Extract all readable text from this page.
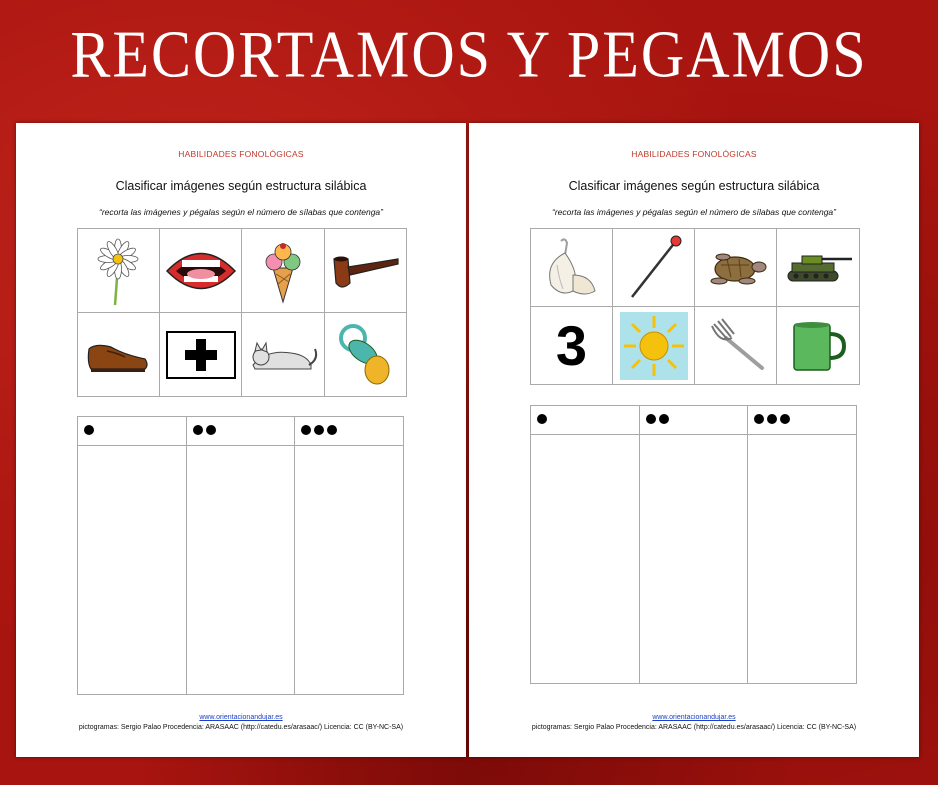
RECORTAMOS Y PEGAMOS
HABILIDADES FONOLÓGICAS
Clasificar imágenes según estructura silábica
“recorta las imágenes y pégalas según el número de sílabas que contenga”

www.orientacionandujar.es
pictogramas: Sergio Palao Procedencia: ARASAAC (http://catedu.es/arasaac/) Licencia: CC (BY-NC-SA)
HABILIDADES FONOLÓGICAS
Clasificar imágenes según estructura silábica
“recorta las imágenes y pégalas según el número de sílabas que contenga”

3	

www.orientacionandujar.es
pictogramas: Sergio Palao Procedencia: ARASAAC (http://catedu.es/arasaac/) Licencia: CC (BY-NC-SA)
